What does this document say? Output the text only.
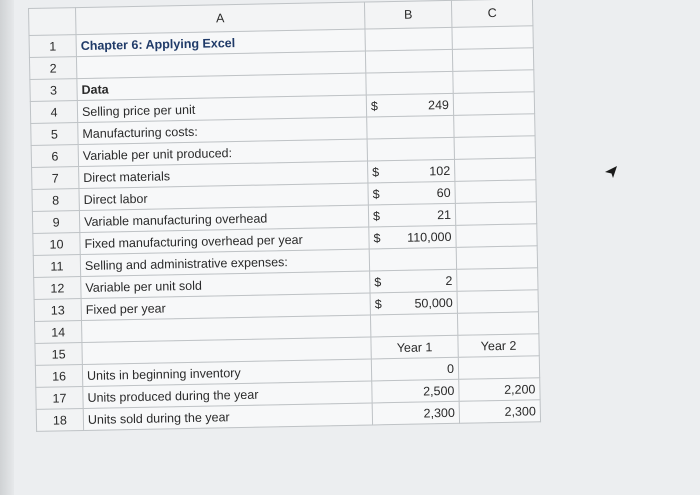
	A	B	C
1	Chapter 6: Applying Excel		
2			
3	Data		
4	Selling price per unit	$ 249	
5	Manufacturing costs:		
6	Variable per unit produced:		
7	Direct materials	$ 102	
8	Direct labor	$ 60	
9	Variable manufacturing overhead	$ 21	
10	Fixed manufacturing overhead per year	$ 110,000	
11	Selling and administrative expenses:		
12	Variable per unit sold	$ 2	
13	Fixed per year	$ 50,000	
14			
15		Year 1	Year 2
16	Units in beginning inventory	0	
17	Units produced during the year	2,500	2,200
18	Units sold during the year	2,300	2,300
